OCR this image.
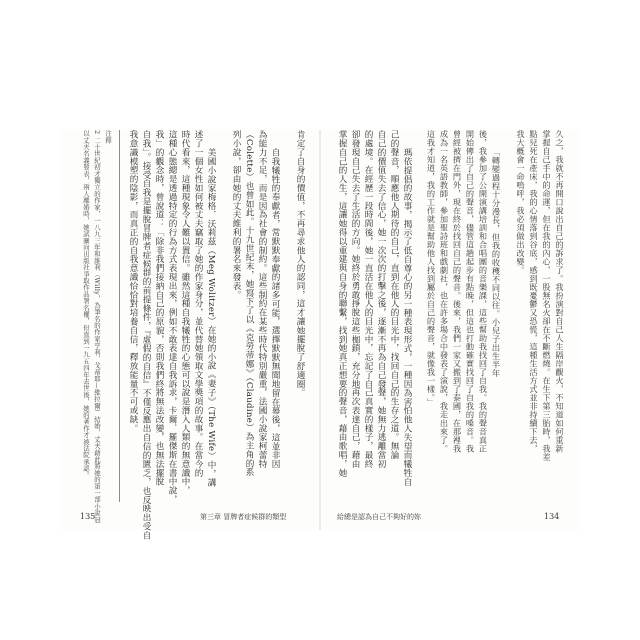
肯定了自身的價值，不再尋求他人的認同，這才讓她擺脫了舒適圈。
自我犧牲的奉獻者，常默默奉獻的諸多可能，選擇默默無聞地留在幕後，這並非因
為能力不足，而是因為社會的制約。這些制約在某些時代特別嚴重，法國小說家柯蕾特
（Colette）也曾如此。十九世紀末，她寫下了以《克勞蒂娜》（Claudine）為主角的系
列小說，卻由她的丈夫維利的署名來發表。
美國小說家梅格．沃莉茲（Meg Wolitzer）在她的小說《妻子》（The Wife）中，講
述了一個女性如何被丈夫竊取了她的作家身分，並代替她領取文學獎項的故事。在當今的
時代看來，這種現象令人難以置信。雖然這種自我犧牲的心態可以說是潛入人類的無意識中，
這種心態總是透過特定的行為方式表現出來，例如不敢表達自我訴求，卡爾．羅傑斯在書中說，
我」的觀念時，曾說道：「除非我們接納自己的原貌，否則我們終將無法改變，也無法擺脫
自我」。接受自我是擺脫冒牌者症候群的前提條件，『虛假的自信』不僅反應出自信的匱乏，也反映出受自
我意識模塑的陰影，而真正的自我意識恰恰對培養自信，釋放能量不可或缺。
注釋
2 二十世紀初才獨立的作家，一八九三年和維利（Willy，為筆名的作家亨利．戈蒂耶—維拉爾）結婚，丈夫藉此將她的第一部小說冠
以丈夫名義發表，兩人離婚時，她試圖向出版社爭取作品署名權，但直到一九五四年去世後，她的著作才被法院承認。
135	第三章 冒牌者症候群的類型
久之，我就不再開口說出自己的訴求了。我扮演對自己人生隔岸觀火，不知道如何重新
掌握自己手中的命運，但在我的內心，一股無名火卻在不斷燃燒。在生下第三胎時，我差
點兒死在產床，我的心情落到谷底，感到既憂鬱又恐慌，這種生活方式並非持續下去，
我大概會一命嗚呼，我必須做出改變。
「轉變過程十分漫長，但我的收穫不同以往。小兒子出生半年
後，我參加了公開演講培訓和合唱團的音樂課，這些幫助我找回了自我。我的聲音真正
開始傳出了自己的聲音，儘管這趟起步有點晚，但這也打動確實找回了自我的嗓音。我
曾經被擠在門外，現在終於找回自己的聲音。後來，我們一家又搬到了泰國，在那裡我
成為一名英語教師，參加聖詩班和戲劇社，也在許多場合中發表了演說，我走出來了。
這我才知道，我的工作就是幫助他人找到屬於自己的聲音，就像我一樣。」
瑪依提倡的故事，揭示了低自尊心的另一種表現形式，一種因為害怕他人失望而犧牲自
己的聲音，順應他人期待的自己，直到在他人的目光中，找回自己的生存之道。無論
自己的價值失去了信心，她一次次的打擊之後，逐漸不再為自己發聲，她無力逃離當初
的處境。在經歷一段時間後，她一直活在他人的目光中，忘記了自己真實的樣子，最終
卻發現自己失去了生活的方向。她終於勇敢掙脫這些枷鎖，充分地再次表達自己，藉由
掌握自己的人生，這讓她得以重建與自身的聯繫，找到她真正想要的聲音，藉由歌唱，她
給總是認為自己不夠好的妳	134
